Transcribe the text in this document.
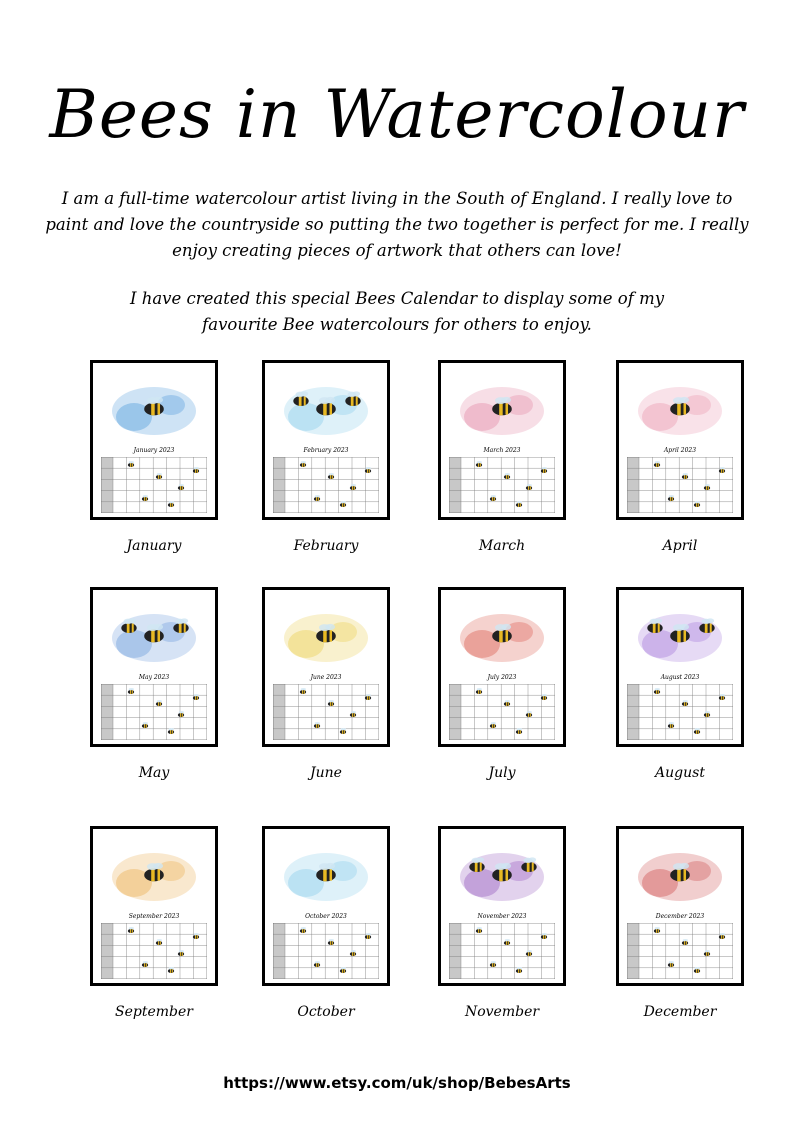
Bees in Watercolour

I am a full-time watercolour artist living in the South of England. I really love to paint and love the countryside so putting the two together is perfect for me. I really enjoy creating pieces of artwork that others can love!

I have created this special Bees Calendar to display some of my favourite Bee watercolours for others to enjoy.

January 2023
January
February 2023
February
March 2023
March
April 2023
April
May 2023
May
June 2023
June
July 2023
July
August 2023
August
September 2023
September
October 2023
October
November 2023
November
December 2023
December
https://www.etsy.com/uk/shop/BebesArts
